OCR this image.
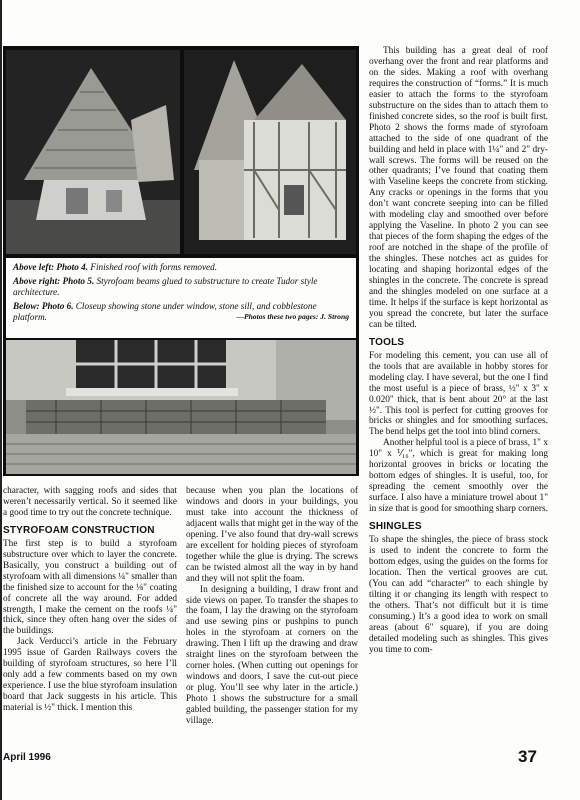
Above left: Photo 4. Finished roof with forms removed.

Above right: Photo 5. Styrofoam beams glued to substructure to create Tudor style architecture.

Below: Photo 6. Closeup showing stone under window, stone sill, and cobblestone platform.	—Photos these two pages: J. Strong

character, with sagging roofs and sides that weren’t necessarily vertical. So it seemed like a good time to try out the concrete technique.

STYROFOAM CONSTRUCTION

The first step is to build a styrofoam substructure over which to layer the concrete. Basically, you construct a building out of styrofoam with all dimensions ¼" smaller than the finished size to account for the ⅛" coating of concrete all the way around. For added strength, I make the cement on the roofs ¼" thick, since they often hang over the sides of the buildings.

Jack Verducci’s article in the February 1995 issue of Garden Railways covers the building of styrofoam structures, so here I’ll only add a few comments based on my own experience. I use the blue styrofoam insulation board that Jack suggests in his article. This material is ½" thick. I mention this

because when you plan the locations of windows and doors in your buildings, you must take into account the thickness of adjacent walls that might get in the way of the opening. I’ve also found that dry-wall screws are excellent for holding pieces of styrofoam together while the glue is drying. The screws can be twisted almost all the way in by hand and they will not split the foam.

In designing a building, I draw front and side views on paper. To transfer the shapes to the foam, I lay the drawing on the styrofoam and use sewing pins or pushpins to punch holes in the styrofoam at corners on the drawing. Then I lift up the drawing and draw straight lines on the styrofoam between the corner holes. (When cutting out openings for windows and doors, I save the cut-out piece or plug. You’ll see why later in the article.) Photo 1 shows the substructure for a small gabled building, the passenger station for my village.

This building has a great deal of roof overhang over the front and rear platforms and on the sides. Making a roof with overhang requires the construction of “forms.” It is much easier to attach the forms to the styrofoam substructure on the sides than to attach them to finished concrete sides, so the roof is built first. Photo 2 shows the forms made of styrofoam attached to the side of one quadrant of the building and held in place with 1¼" and 2" dry-wall screws. The forms will be reused on the other quadrants; I’ve found that coating them with Vaseline keeps the concrete from sticking. Any cracks or openings in the forms that you don’t want concrete seeping into can be filled with modeling clay and smoothed over before applying the Vaseline. In photo 2 you can see that pieces of the form shaping the edges of the roof are notched in the shape of the profile of the shingles. These notches act as guides for locating and shaping horizontal edges of the shingles in the concrete. The concrete is spread and the shingles modeled on one surface at a time. It helps if the surface is kept horizontal as you spread the concrete, but later the surface can be tilted.

TOOLS

For modeling this cement, you can use all of the tools that are available in hobby stores for modeling clay. I have several, but the one I find the most useful is a piece of brass, ½" x 3" x 0.020" thick, that is bent about 20° at the last ½". This tool is perfect for cutting grooves for bricks or shingles and for smoothing surfaces. The bend helps get the tool into blind corners.

Another helpful tool is a piece of brass, 1" x 10" x ⅟₁₆", which is great for making long horizontal grooves in bricks or locating the bottom edges of shingles. It is useful, too, for spreading the cement smoothly over the surface. I also have a miniature trowel about 1" in size that is good for smoothing sharp corners.

SHINGLES

To shape the shingles, the piece of brass stock is used to indent the concrete to form the bottom edges, using the guides on the forms for location. Then the vertical grooves are cut. (You can add “character” to each shingle by tilting it or changing its length with respect to the others. That’s not difficult but it is time consuming.) It’s a good idea to work on small areas (about 6" square), if you are doing detailed modeling such as shingles. This gives you time to com-

April 1996	37
